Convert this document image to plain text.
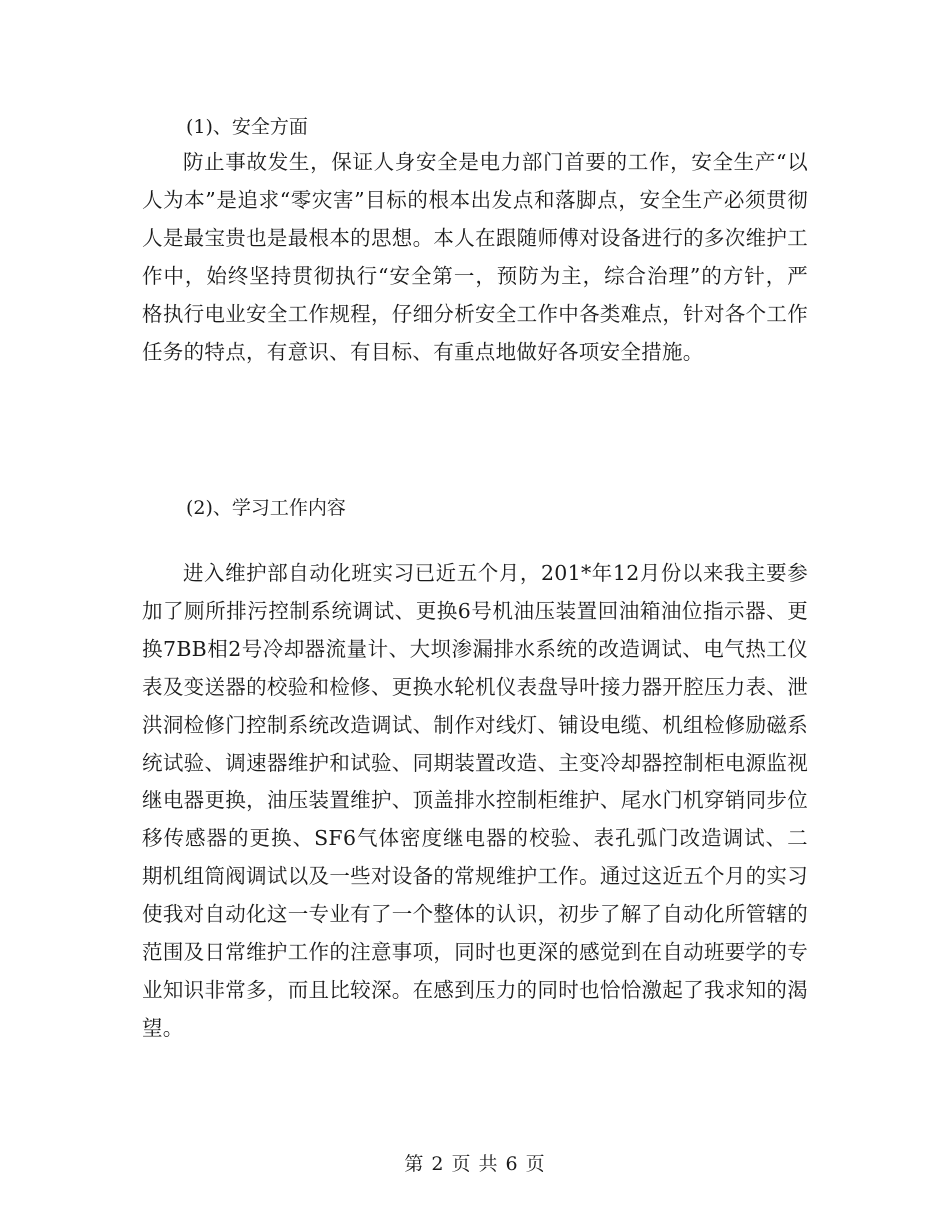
(1)、安全方面

防止事故发生，保证人身安全是电力部门首要的工作，安全生产“以人为本”是追求“零灾害”目标的根本出发点和落脚点，安全生产必须贯彻人是最宝贵也是最根本的思想。本人在跟随师傅对设备进行的多次维护工作中，始终坚持贯彻执行“安全第一，预防为主，综合治理”的方针，严格执行电业安全工作规程，仔细分析安全工作中各类难点，针对各个工作任务的特点，有意识、有目标、有重点地做好各项安全措施。

(2)、学习工作内容

进入维护部自动化班实习已近五个月，201*年12月份以来我主要参加了厕所排污控制系统调试、更换6号机油压装置回油箱油位指示器、更换7BB相2号冷却器流量计、大坝渗漏排水系统的改造调试、电气热工仪表及变送器的校验和检修、更换水轮机仪表盘导叶接力器开腔压力表、泄洪洞检修门控制系统改造调试、制作对线灯、铺设电缆、机组检修励磁系统试验、调速器维护和试验、同期装置改造、主变冷却器控制柜电源监视继电器更换，油压装置维护、顶盖排水控制柜维护、尾水门机穿销同步位移传感器的更换、SF6气体密度继电器的校验、表孔弧门改造调试、二期机组筒阀调试以及一些对设备的常规维护工作。通过这近五个月的实习使我对自动化这一专业有了一个整体的认识，初步了解了自动化所管辖的范围及日常维护工作的注意事项，同时也更深的感觉到在自动班要学的专业知识非常多，而且比较深。在感到压力的同时也恰恰激起了我求知的渴望。

第 2 页 共 6 页
